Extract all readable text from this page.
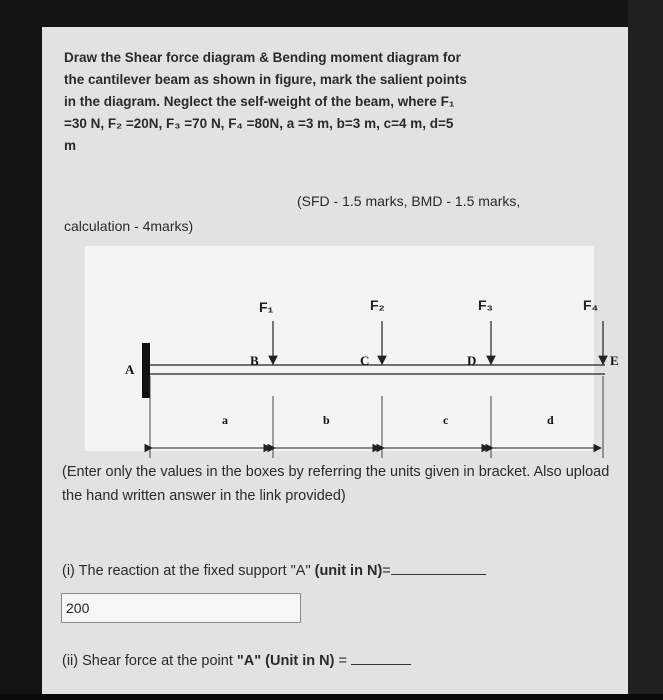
Draw the Shear force diagram & Bending moment diagram for
the cantilever beam as shown in figure, mark the salient points
in the diagram. Neglect the self-weight of the beam, where F₁
=30 N, F₂ =20N, F₃ =70 N, F₄ =80N, a =3 m, b=3 m, c=4 m, d=5
m
(SFD - 1.5 marks, BMD - 1.5 marks,
calculation - 4marks)
A
F₁	F₂	F₃	F₄
B	C	D	E
a	b	c	d
(Enter only the values in the boxes by referring the units given in bracket. Also upload the hand written answer in the link provided)
(i) The reaction at the fixed support "A" (unit in N)=
200
(ii) Shear force at the point "A" (Unit in N) =
